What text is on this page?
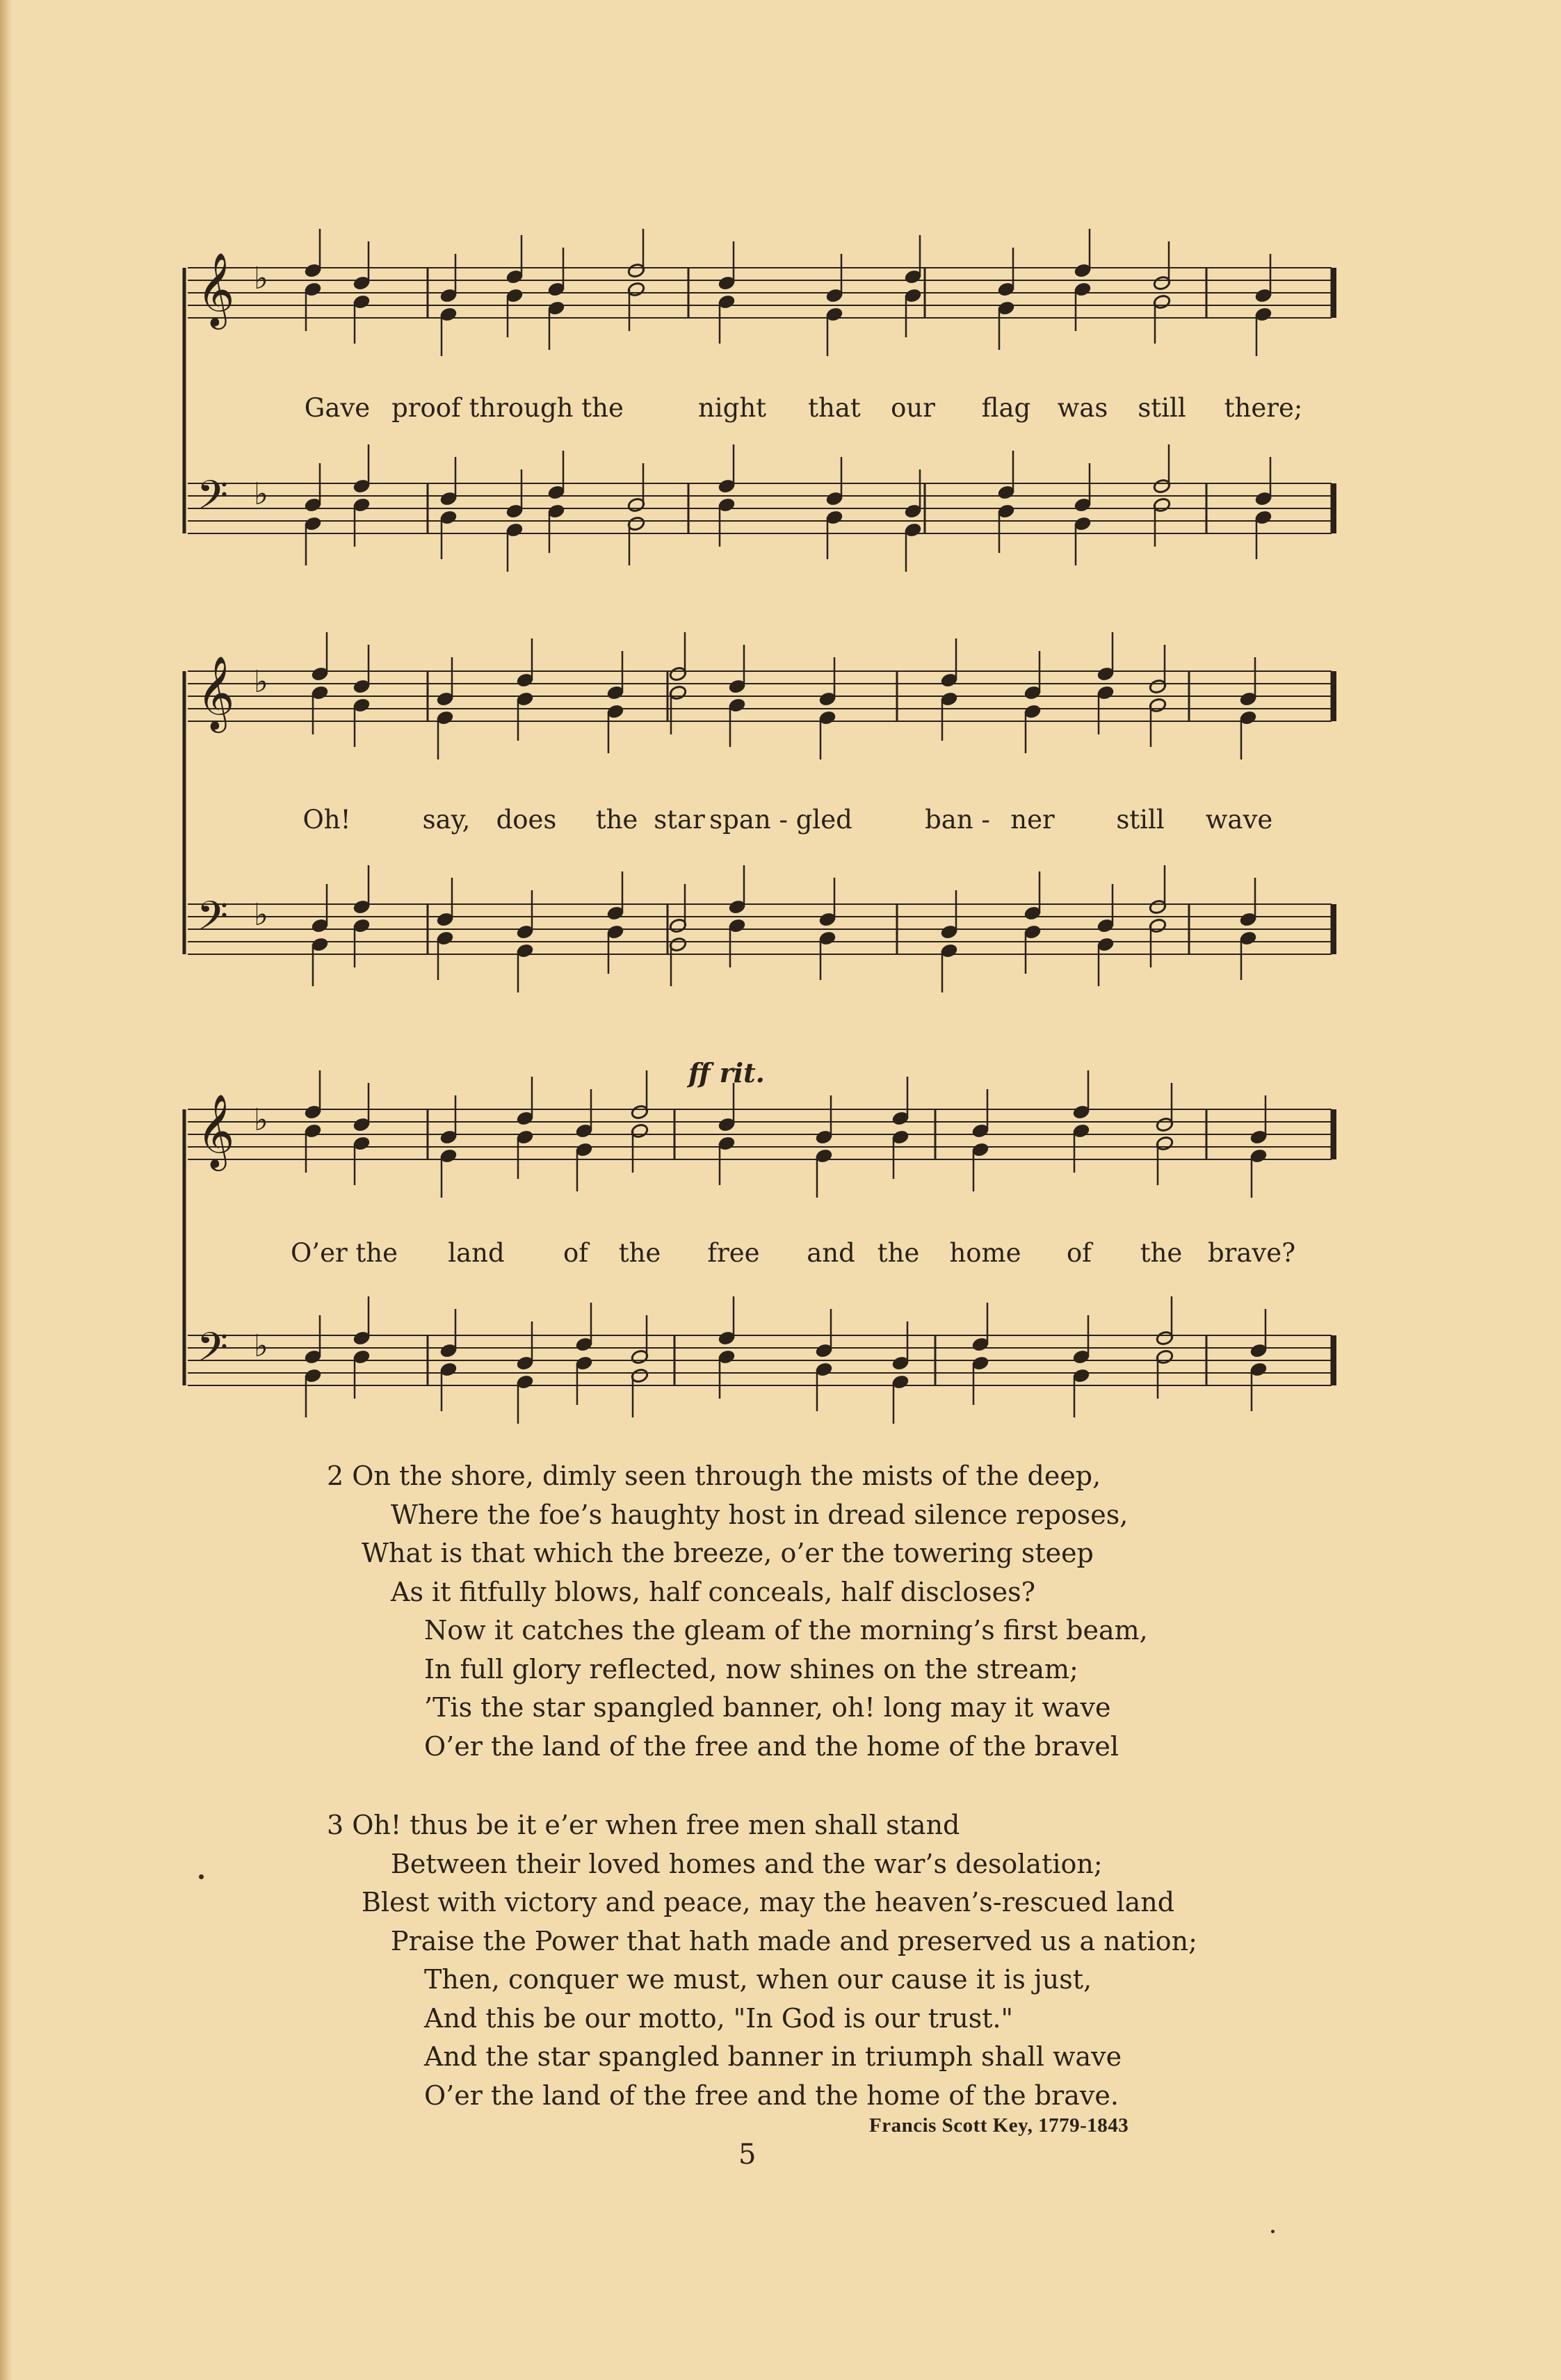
𝄞 ♭
𝄢 ♭
Gave proof through the	night that our flag was still there;
𝄞 ♭
𝄢 ♭
Oh!	say, does the star span - gled	ban - ner still wave
𝄞 ♭
𝄢 ♭
ff rit.
O’er the land of the free and the home of the brave?
2 On the shore, dimly seen through the mists of the deep,
Where the foe’s haughty host in dread silence reposes,
What is that which the breeze, o’er the towering steep
As it fitfully blows, half conceals, half discloses?
Now it catches the gleam of the morning’s first beam,
In full glory reflected, now shines on the stream;
’Tis the star spangled banner, oh! long may it wave
O’er the land of the free and the home of the bravel
3 Oh! thus be it e’er when free men shall stand
Between their loved homes and the war’s desolation;
Blest with victory and peace, may the heaven’s-rescued land
Praise the Power that hath made and preserved us a nation;
Then, conquer we must, when our cause it is just,
And this be our motto, "In God is our trust."
And the star spangled banner in triumph shall wave
O’er the land of the free and the home of the brave.
Francis Scott Key, 1779-1843
5
